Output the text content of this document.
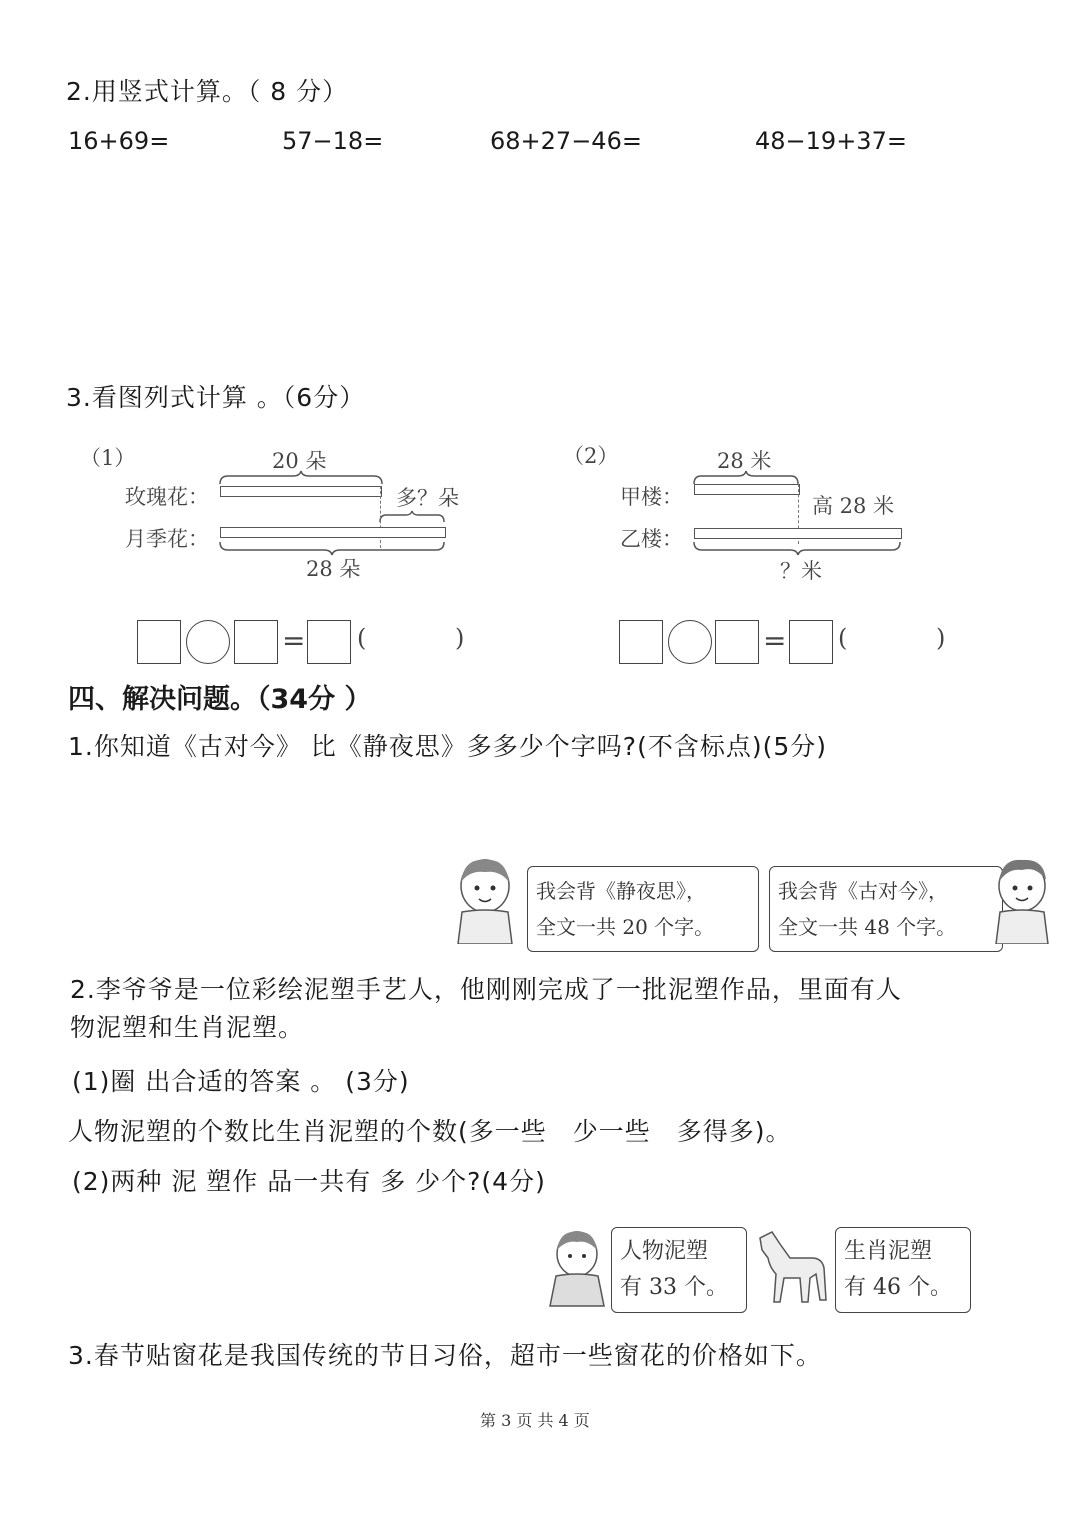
2.用竖式计算。（ 8 分）
16+69=	57−18=	68+27−46=	48−19+37=
3.看图列式计算 。（6分）
（1）	20 朵
玫瑰花：	多？朵
月季花：
28 朵
= (	)
（2）	28 米
甲楼：	高 28 米
乙楼：
？米
= (	)
四、解决问题。（34分 ）
1.你知道《古对今》 比《静夜思》多多少个字吗?(不含标点)(5分)
我会背《静夜思》，
全文一共 20 个字。
我会背《古对今》，
全文一共 48 个字。
2.李爷爷是一位彩绘泥塑手艺人，他刚刚完成了一批泥塑作品，里面有人
物泥塑和生肖泥塑。
(1)圈 出合适的答案 。 (3分)
人物泥塑的个数比生肖泥塑的个数(多一些　少一些　多得多)。
(2)两种 泥 塑作 品一共有 多 少个?(4分)
人物泥塑
有 33 个。
生肖泥塑
有 46 个。
3.春节贴窗花是我国传统的节日习俗，超市一些窗花的价格如下。
第 3 页 共 4 页
